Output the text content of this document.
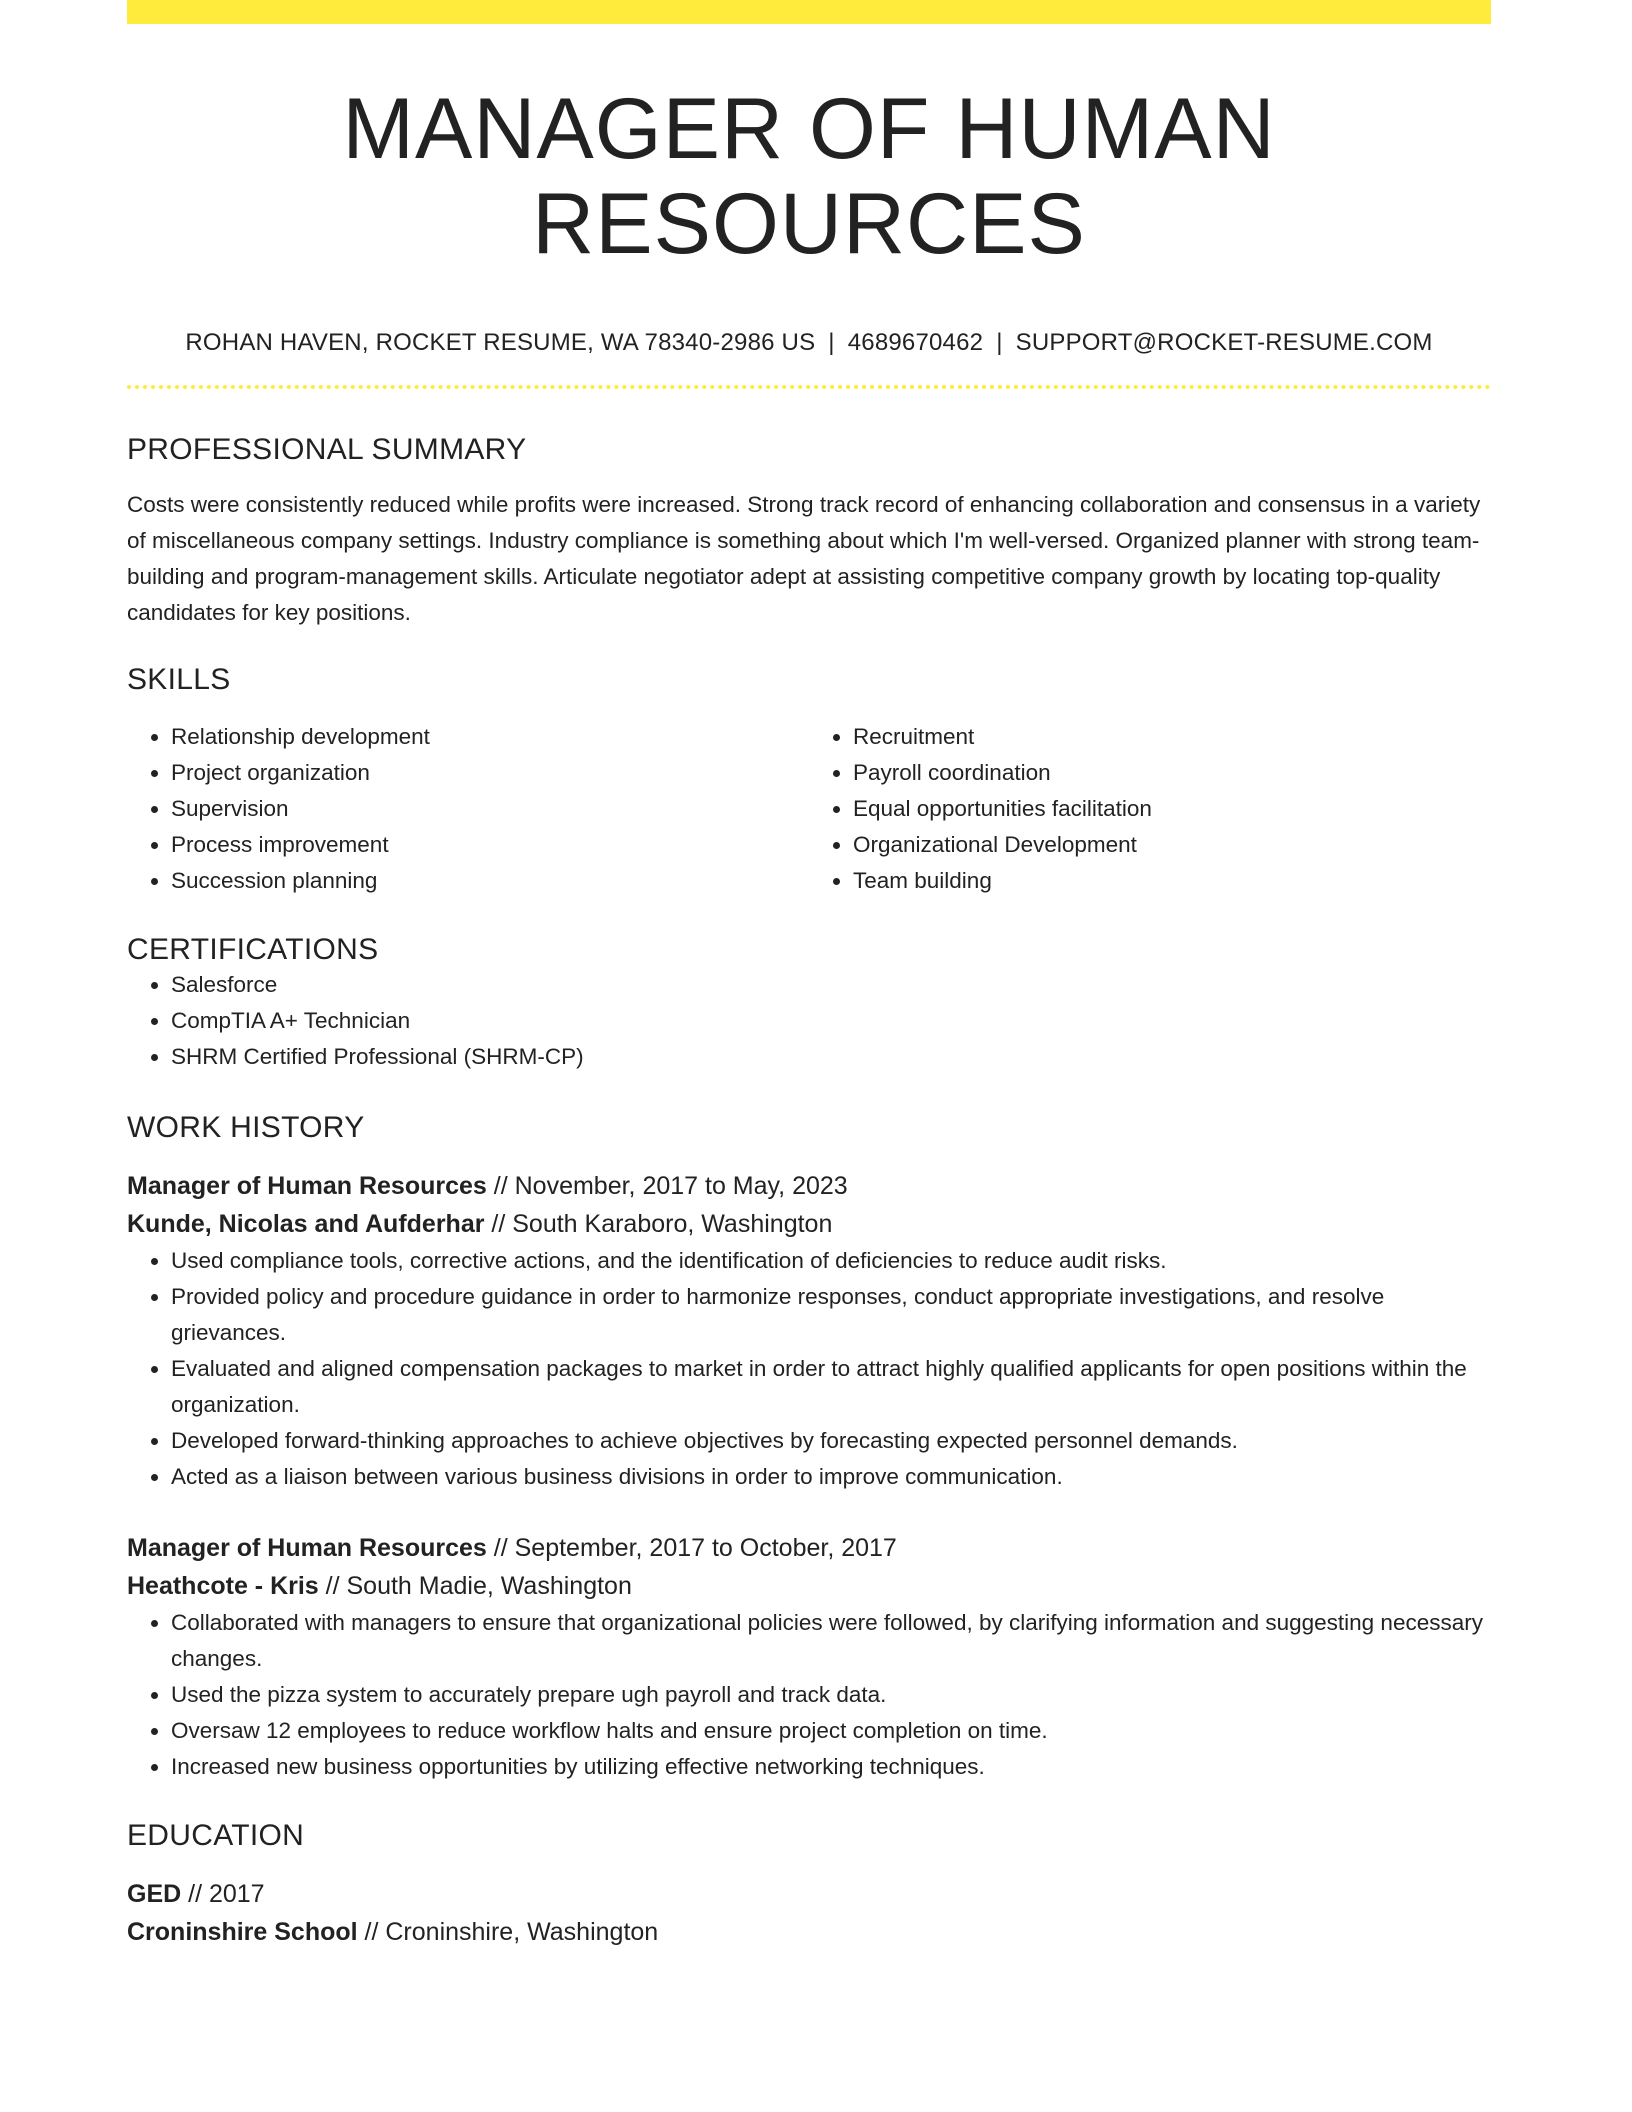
MANAGER OF HUMAN RESOURCES
ROHAN HAVEN, ROCKET RESUME, WA 78340-2986 US | 4689670462 | SUPPORT@ROCKET-RESUME.COM
PROFESSIONAL SUMMARY

Costs were consistently reduced while profits were increased. Strong track record of enhancing collaboration and consensus in a variety of miscellaneous company settings. Industry compliance is something about which I'm well-versed. Organized planner with strong team-building and program-management skills. Articulate negotiator adept at assisting competitive company growth by locating top-quality candidates for key positions.

SKILLS
• Relationship development
• Project organization
• Supervision
• Process improvement
• Succession planning
• Recruitment
• Payroll coordination
• Equal opportunities facilitation
• Organizational Development
• Team building
CERTIFICATIONS
• Salesforce
• CompTIA A+ Technician
• SHRM Certified Professional (SHRM-CP)
WORK HISTORY
Manager of Human Resources // November, 2017 to May, 2023
Kunde, Nicolas and Aufderhar // South Karaboro, Washington
• Used compliance tools, corrective actions, and the identification of deficiencies to reduce audit risks.
• Provided policy and procedure guidance in order to harmonize responses, conduct appropriate investigations, and resolve grievances.
• Evaluated and aligned compensation packages to market in order to attract highly qualified applicants for open positions within the organization.
• Developed forward-thinking approaches to achieve objectives by forecasting expected personnel demands.
• Acted as a liaison between various business divisions in order to improve communication.
Manager of Human Resources // September, 2017 to October, 2017
Heathcote - Kris // South Madie, Washington
• Collaborated with managers to ensure that organizational policies were followed, by clarifying information and suggesting necessary changes.
• Used the pizza system to accurately prepare ugh payroll and track data.
• Oversaw 12 employees to reduce workflow halts and ensure project completion on time.
• Increased new business opportunities by utilizing effective networking techniques.
EDUCATION
GED // 2017
Croninshire School // Croninshire, Washington
